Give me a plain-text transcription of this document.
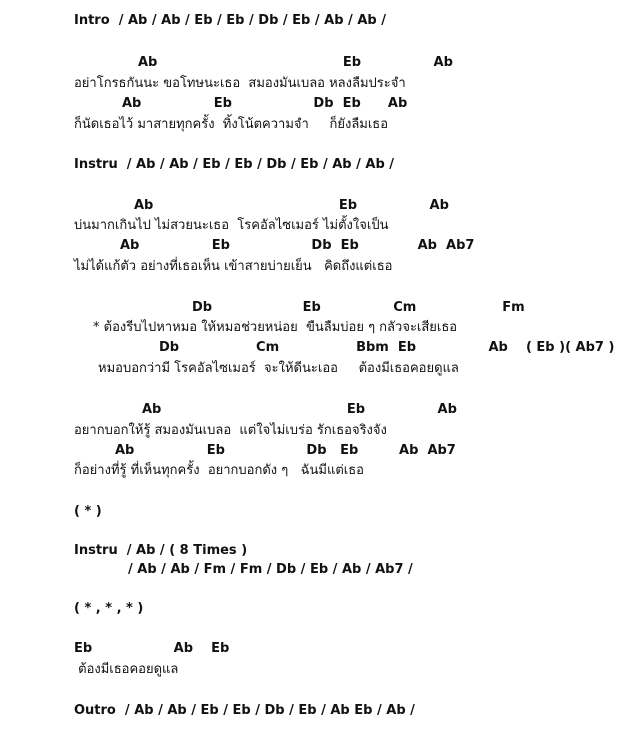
Intro  / Ab / Ab / Eb / Eb / Db / Eb / Ab / Ab /
Ab                                         Eb                Ab
อย่าโกรธกันนะ ขอโทษนะเธอ  สมองมันเบลอ หลงลืมประจำ
Ab                Eb                  Db  Eb      Ab
ก็นัดเธอไว้ มาสายทุกครั้ง  ทิ้งโน้ตความจำ     ก็ยังลืมเธอ
Instru  / Ab / Ab / Eb / Eb / Db / Eb / Ab / Ab /
Ab                                         Eb                Ab
บ่นมากเกินไป ไม่สวยนะเธอ  โรคอัลไซเมอร์ ไม่ตั้งใจเป็น
Ab                Eb                  Db  Eb             Ab  Ab7
ไม่ได้แก้ตัว อย่างที่เธอเห็น เข้าสายบ่ายเย็น   คิดถึงแต่เธอ
Db                    Eb                Cm                   Fm
* ต้องรีบไปหาหมอ ให้หมอช่วยหน่อย  ขืนลืมบ่อย ๆ กลัวจะเสียเธอ
Db                 Cm                 Bbm  Eb                Ab    ( Eb )( Ab7 )
หมอบอกว่ามี โรคอัลไซเมอร์  จะให้ดีนะเออ     ต้องมีเธอคอยดูแล
Ab                                         Eb                Ab
อยากบอกให้รู้ สมองมันเบลอ  แต่ใจไม่เบร่อ รักเธอจริงจัง
Ab                Eb                  Db   Eb         Ab  Ab7
ก็อย่างที่รู้ ที่เห็นทุกครั้ง  อยากบอกดัง ๆ   ฉันมีแต่เธอ
( * )
Instru  / Ab / ( 8 Times )
/ Ab / Ab / Fm / Fm / Db / Eb / Ab / Ab7 /
( * , * , * )
Eb                  Ab    Eb
ต้องมีเธอคอยดูแล
Outro  / Ab / Ab / Eb / Eb / Db / Eb / Ab Eb / Ab /
